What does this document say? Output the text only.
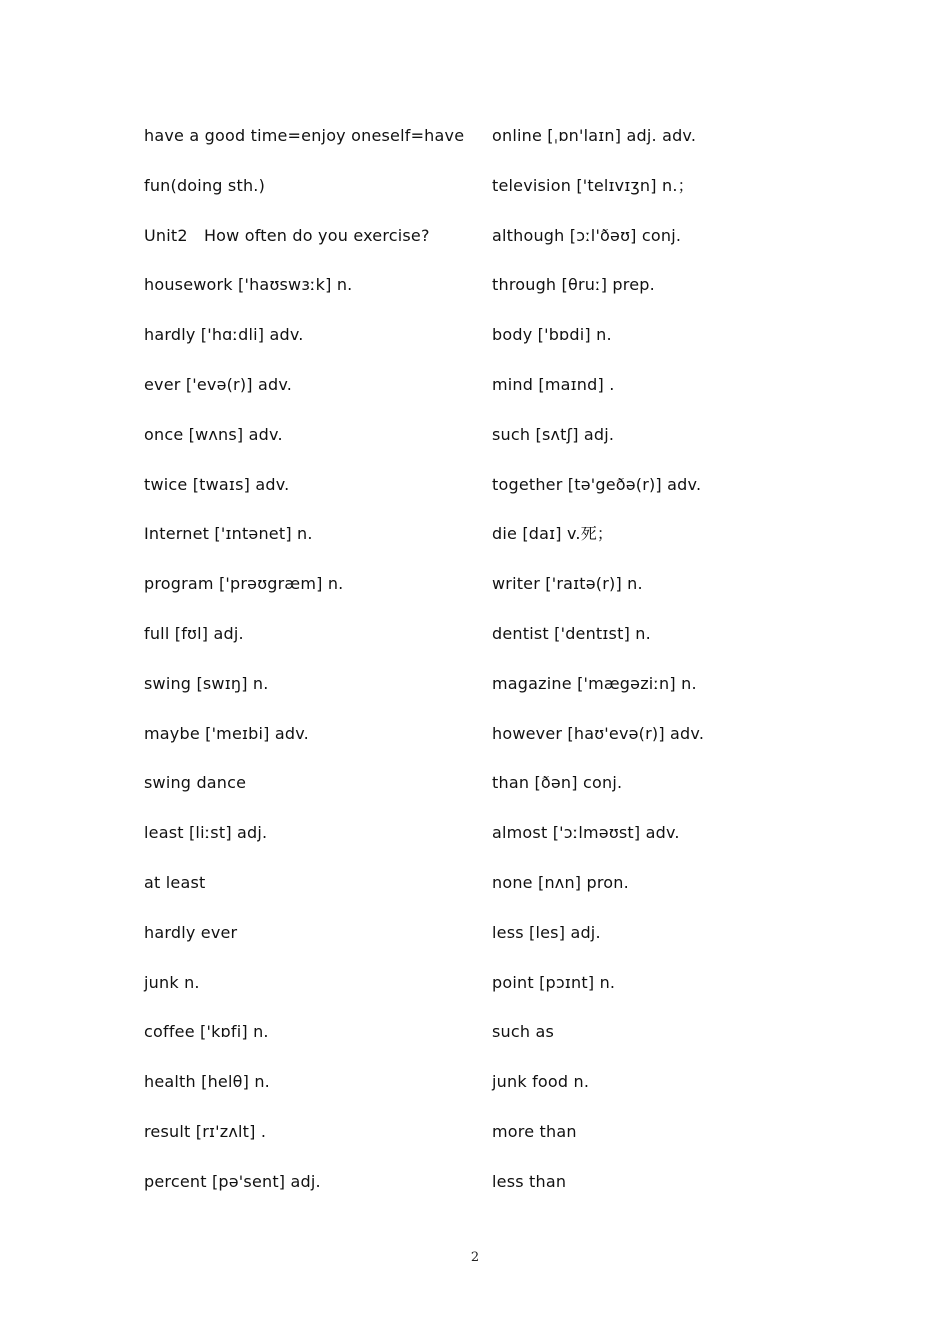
have a good time=enjoy oneself=have
fun(doing sth.)
Unit2　How often do you exercise?
housework ['haʊswɜːk] n.
hardly ['hɑːdli] adv.
ever ['evə(r)] adv.
once [wʌns] adv.
twice [twaɪs] adv.
Internet ['ɪntənet] n.
program ['prəʊgræm] n.
full [fʊl] adj.
swing [swɪŋ] n.
maybe ['meɪbi] adv.
swing dance
least [liːst] adj.
at least
hardly ever
junk n.
coffee ['kɒfi] n.
health [helθ] n.
result [rɪ'zʌlt] .
percent [pə'sent] adj.
online [ˌɒn'laɪn] adj. adv.
television ['telɪvɪʒn] n.；
although [ɔːl'ðəʊ] conj.
through [θruː] prep.
body ['bɒdi] n.
mind [maɪnd] .
such [sʌtʃ] adj.
together [tə'geðə(r)] adv.
die [daɪ] v.死；
writer ['raɪtə(r)] n.
dentist ['dentɪst] n.
magazine ['mægəziːn] n.
however [haʊ'evə(r)] adv.
than [ðən] conj.
almost ['ɔːlməʊst] adv.
none [nʌn] pron.
less [les] adj.
point [pɔɪnt] n.
such as
junk food n.
more than
less than
2
